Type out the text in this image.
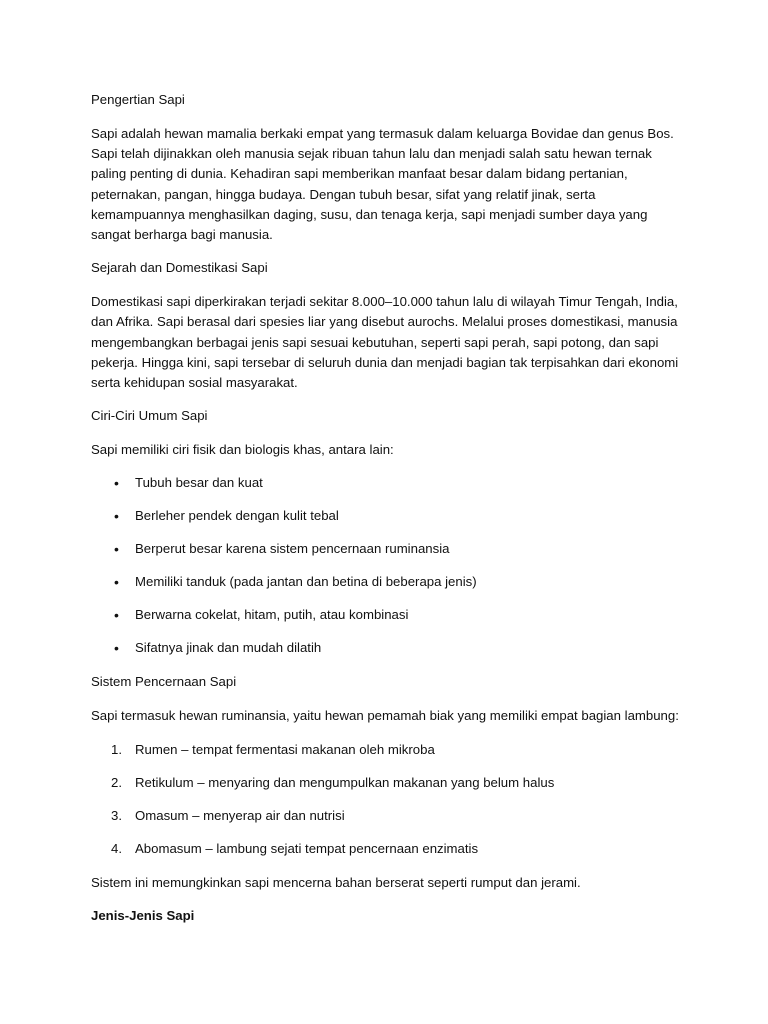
Pengertian Sapi

Sapi adalah hewan mamalia berkaki empat yang termasuk dalam keluarga Bovidae dan genus Bos. Sapi telah dijinakkan oleh manusia sejak ribuan tahun lalu dan menjadi salah satu hewan ternak paling penting di dunia. Kehadiran sapi memberikan manfaat besar dalam bidang pertanian, peternakan, pangan, hingga budaya. Dengan tubuh besar, sifat yang relatif jinak, serta kemampuannya menghasilkan daging, susu, dan tenaga kerja, sapi menjadi sumber daya yang sangat berharga bagi manusia.

Sejarah dan Domestikasi Sapi

Domestikasi sapi diperkirakan terjadi sekitar 8.000–10.000 tahun lalu di wilayah Timur Tengah, India, dan Afrika. Sapi berasal dari spesies liar yang disebut aurochs. Melalui proses domestikasi, manusia mengembangkan berbagai jenis sapi sesuai kebutuhan, seperti sapi perah, sapi potong, dan sapi pekerja. Hingga kini, sapi tersebar di seluruh dunia dan menjadi bagian tak terpisahkan dari ekonomi serta kehidupan sosial masyarakat.

Ciri-Ciri Umum Sapi

Sapi memiliki ciri fisik dan biologis khas, antara lain:

• Tubuh besar dan kuat
• Berleher pendek dengan kulit tebal
• Berperut besar karena sistem pencernaan ruminansia
• Memiliki tanduk (pada jantan dan betina di beberapa jenis)
• Berwarna cokelat, hitam, putih, atau kombinasi
• Sifatnya jinak dan mudah dilatih
Sistem Pencernaan Sapi

Sapi termasuk hewan ruminansia, yaitu hewan pemamah biak yang memiliki empat bagian lambung:

1. Rumen – tempat fermentasi makanan oleh mikroba
2. Retikulum – menyaring dan mengumpulkan makanan yang belum halus
3. Omasum – menyerap air dan nutrisi
4. Abomasum – lambung sejati tempat pencernaan enzimatis

Sistem ini memungkinkan sapi mencerna bahan berserat seperti rumput dan jerami.

Jenis-Jenis Sapi
